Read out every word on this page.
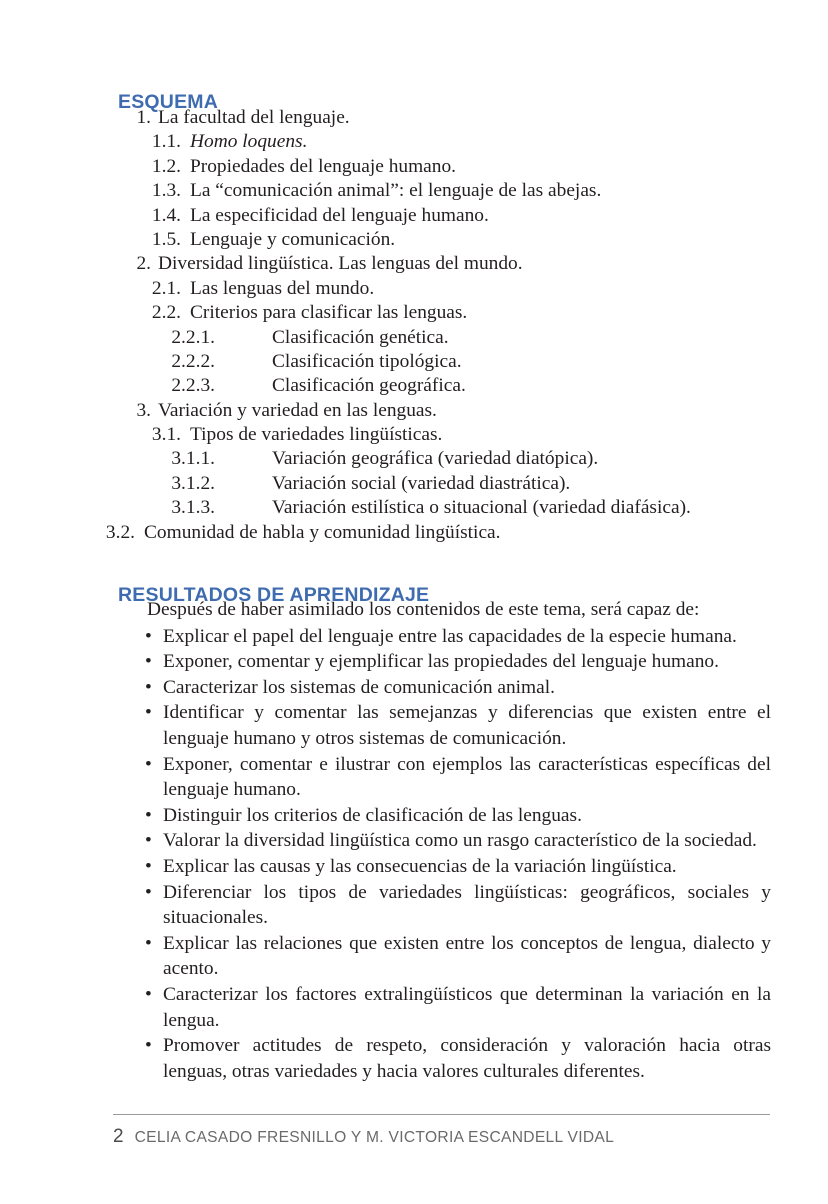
ESQUEMA
1. La facultad del lenguaje.
1.1. Homo loquens.
1.2. Propiedades del lenguaje humano.
1.3. La “comunicación animal”: el lenguaje de las abejas.
1.4. La especificidad del lenguaje humano.
1.5. Lenguaje y comunicación.
2. Diversidad lingüística. Las lenguas del mundo.
2.1. Las lenguas del mundo.
2.2. Criterios para clasificar las lenguas.
2.2.1.	Clasificación genética.
2.2.2.	Clasificación tipológica.
2.2.3.	Clasificación geográfica.
3. Variación y variedad en las lenguas.
3.1. Tipos de variedades lingüísticas.
3.1.1.	Variación geográfica (variedad diatópica).
3.1.2.	Variación social (variedad diastrática).
3.1.3.	Variación estilística o situacional (variedad diafásica).
3.2. Comunidad de habla y comunidad lingüística.
RESULTADOS DE APRENDIZAJE

Después de haber asimilado los contenidos de este tema, será capaz de:

• Explicar el papel del lenguaje entre las capacidades de la especie humana.
• Exponer, comentar y ejemplificar las propiedades del lenguaje humano.
• Caracterizar los sistemas de comunicación animal.
• Identificar y comentar las semejanzas y diferencias que existen entre el lenguaje humano y otros sistemas de comunicación.
• Exponer, comentar e ilustrar con ejemplos las características específicas del lenguaje humano.
• Distinguir los criterios de clasificación de las lenguas.
• Valorar la diversidad lingüística como un rasgo característico de la sociedad.
• Explicar las causas y las consecuencias de la variación lingüística.
• Diferenciar los tipos de variedades lingüísticas: geográficos, sociales y situacionales.
• Explicar las relaciones que existen entre los conceptos de lengua, dialecto y acento.
• Caracterizar los factores extralingüísticos que determinan la variación en la lengua.
• Promover actitudes de respeto, consideración y valoración hacia otras lenguas, otras variedades y hacia valores culturales diferentes.
2 CELIA CASADO FRESNILLO Y M. VICTORIA ESCANDELL VIDAL
